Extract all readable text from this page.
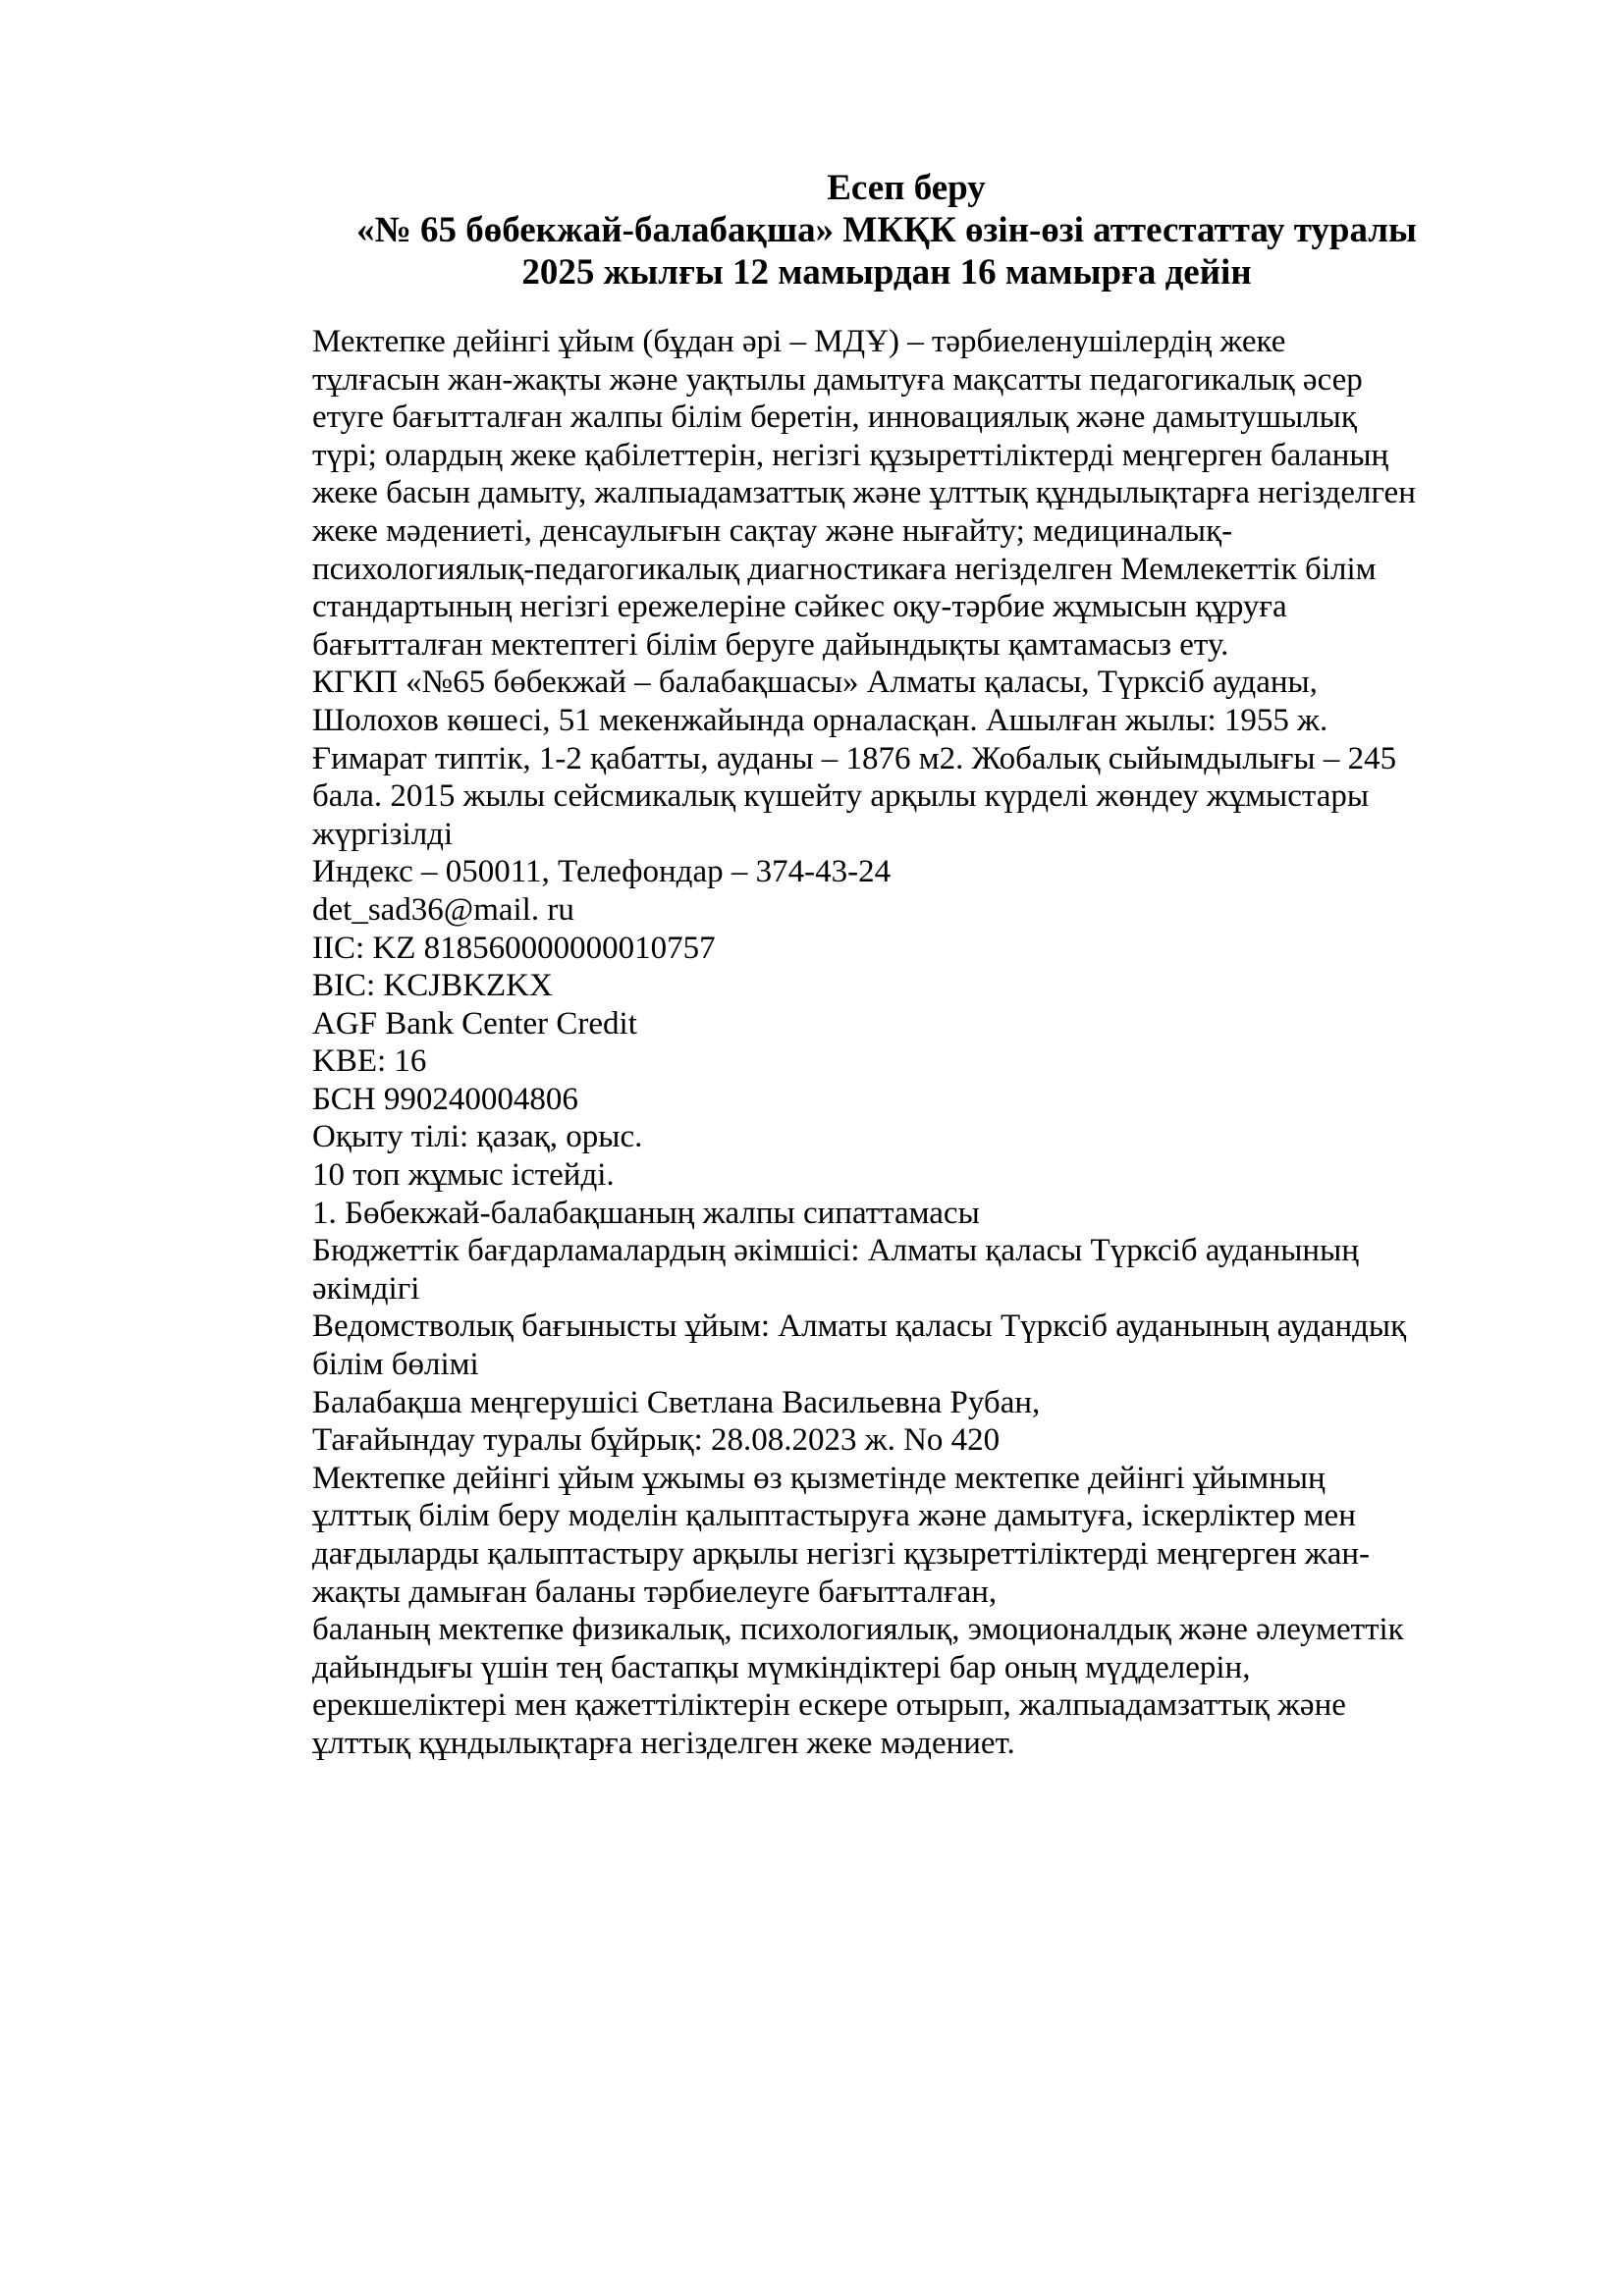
Есеп беру
«№ 65 бөбекжай-балабақша» МКҚК өзін-өзі аттестаттау туралы
2025 жылғы 12 мамырдан 16 мамырға дейін
Мектепке дейінгі ұйым (бұдан әрі – МДҰ) – тәрбиеленушілердің жеке
тұлғасын жан-жақты және уақтылы дамытуға мақсатты педагогикалық әсер
етуге бағытталған жалпы білім беретін, инновациялық және дамытушылық
түрі; олардың жеке қабілеттерін, негізгі құзыреттіліктерді меңгерген баланың
жеке басын дамыту, жалпыадамзаттық және ұлттық құндылықтарға негізделген
жеке мәдениеті, денсаулығын сақтау және нығайту; медициналық-
психологиялық-педагогикалық диагностикаға негізделген Мемлекеттік білім
стандартының негізгі ережелеріне сәйкес оқу-тәрбие жұмысын құруға
бағытталған мектептегі білім беруге дайындықты қамтамасыз ету.
КГКП «№65 бөбекжай – балабақшасы» Алматы қаласы, Түрксіб ауданы,
Шолохов көшесі, 51 мекенжайында орналасқан. Ашылған жылы: 1955 ж.
Ғимарат типтік, 1-2 қабатты, ауданы – 1876 м2. Жобалық сыйымдылығы – 245
бала. 2015 жылы сейсмикалық күшейту арқылы күрделі жөндеу жұмыстары
жүргізілді
Индекс – 050011, Телефондар – 374-43-24
det_sad36@mail. ru
IIC: KZ 818560000000010757
BIC: KCJBKZKX
AGF Bank Center Credit
KBE: 16
БСН 990240004806
Оқыту тілі: қазақ, орыс.
10 топ жұмыс істейді.
1. Бөбекжай-балабақшаның жалпы сипаттамасы
Бюджеттік бағдарламалардың әкімшісі: Алматы қаласы Түрксіб ауданының
әкімдігі
Ведомстволық бағынысты ұйым: Алматы қаласы Түрксіб ауданының аудандық
білім бөлімі
Балабақша меңгерушісі Светлана Васильевна Рубан,
Тағайындау туралы бұйрық: 28.08.2023 ж. No 420
Мектепке дейінгі ұйым ұжымы өз қызметінде мектепке дейінгі ұйымның
ұлттық білім беру моделін қалыптастыруға және дамытуға, іскерліктер мен
дағдыларды қалыптастыру арқылы негізгі құзыреттіліктерді меңгерген жан-
жақты дамыған баланы тәрбиелеуге бағытталған,
баланың мектепке физикалық, психологиялық, эмоционалдық және әлеуметтік
дайындығы үшін тең бастапқы мүмкіндіктері бар оның мүдделерін,
ерекшеліктері мен қажеттіліктерін ескере отырып, жалпыадамзаттық және
ұлттық құндылықтарға негізделген жеке мәдениет.
